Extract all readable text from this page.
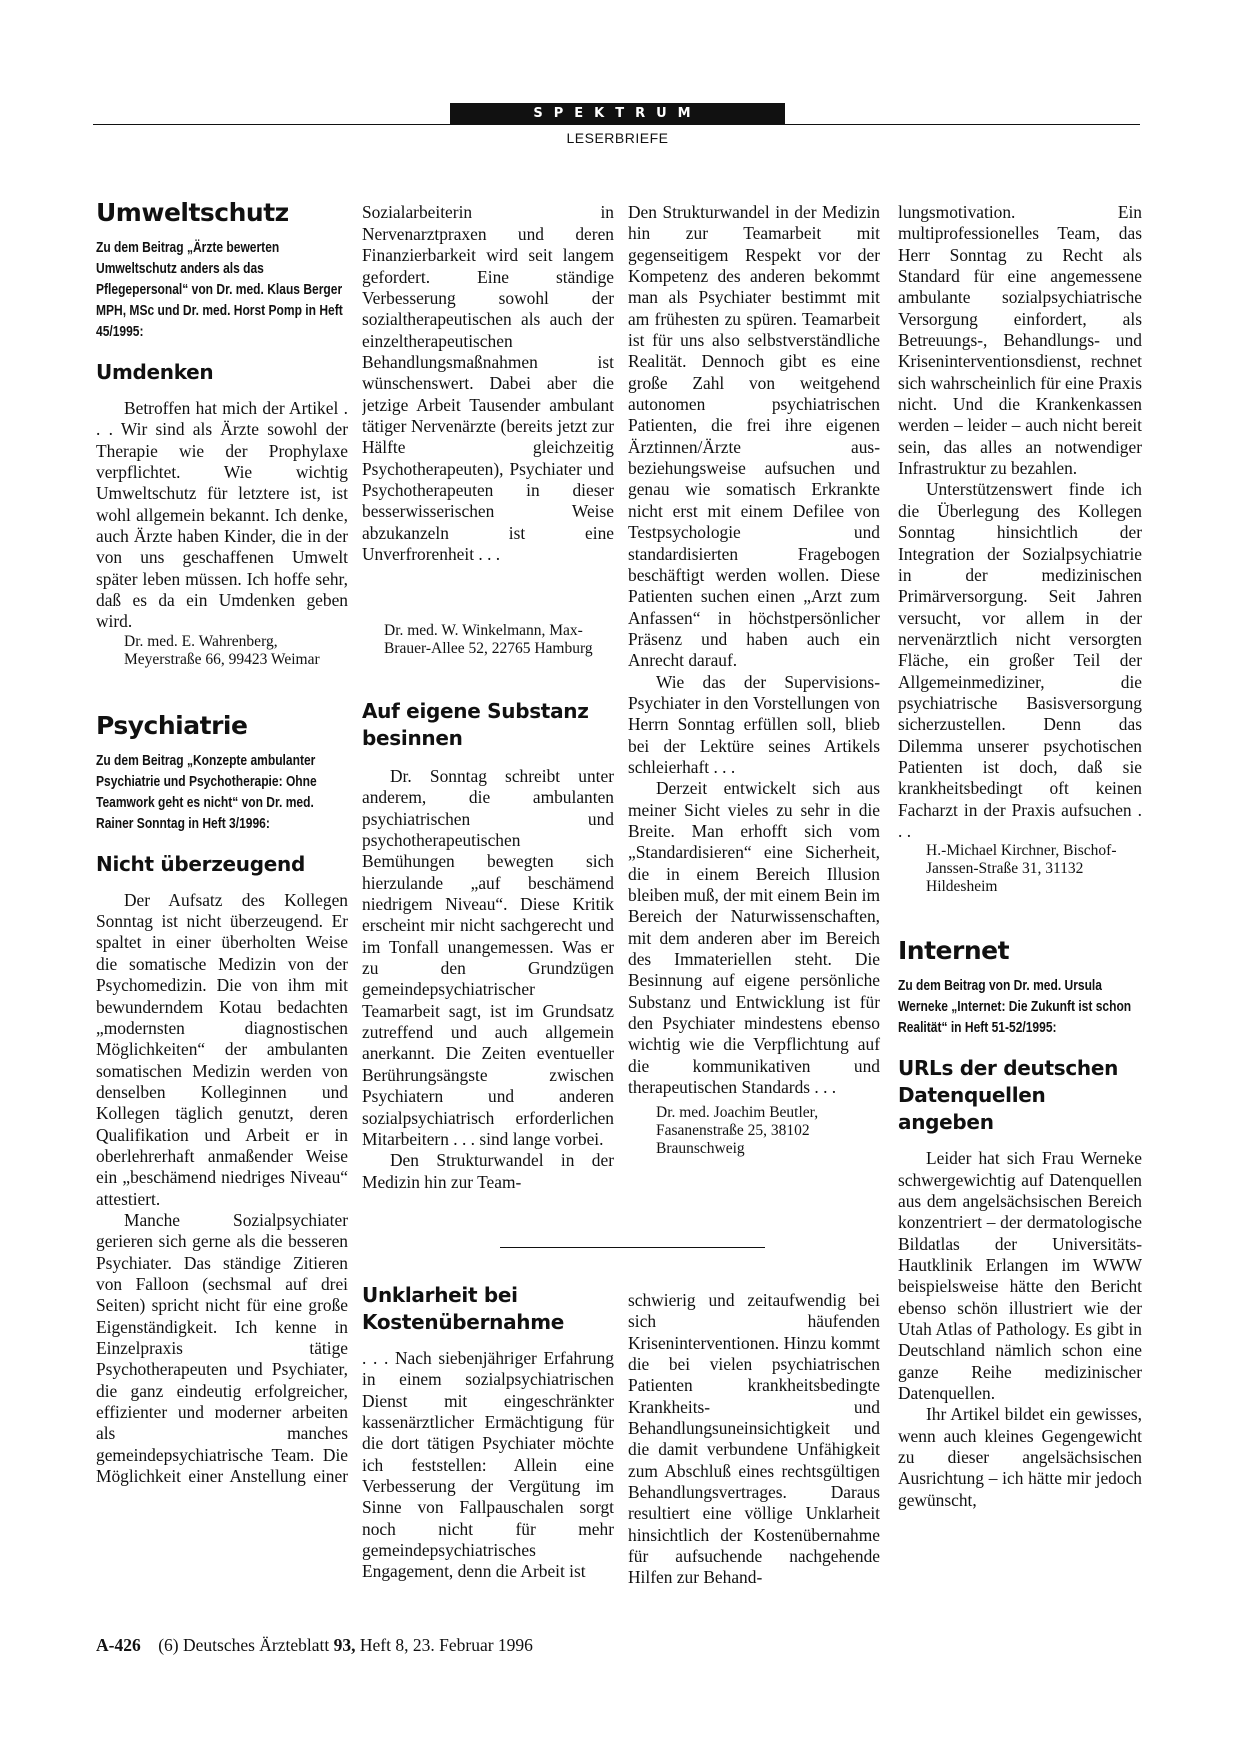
SPEKTRUM
LESERBRIEFE
Umweltschutz

Zu dem Beitrag „Ärzte bewerten Umweltschutz anders als das Pflegepersonal“ von Dr. med. Klaus Berger MPH, MSc und Dr. med. Horst Pomp in Heft 45/1995:

Umdenken

Betroffen hat mich der Artikel . . . Wir sind als Ärzte sowohl der Therapie wie der Prophylaxe verpflichtet. Wie wichtig Umweltschutz für letztere ist, ist wohl allgemein bekannt. Ich denke, auch Ärzte haben Kinder, die in der von uns geschaffenen Umwelt später leben müssen. Ich hoffe sehr, daß es da ein Umdenken geben wird.

Dr. med. E. Wahrenberg, Meyerstraße 66, 99423 Weimar

Psychiatrie

Zu dem Beitrag „Konzepte ambulanter Psychiatrie und Psychotherapie: Ohne Teamwork geht es nicht“ von Dr. med. Rainer Sonntag in Heft 3/1996:

Nicht überzeugend

Der Aufsatz des Kollegen Sonntag ist nicht überzeugend. Er spaltet in einer überholten Weise die somatische Medizin von der Psychomedizin. Die von ihm mit bewunderndem Kotau bedachten „modernsten diagnostischen Möglichkeiten“ der ambulanten somatischen Medizin werden von denselben Kolleginnen und Kollegen täglich genutzt, deren Qualifikation und Arbeit er in oberlehrerhaft anmaßender Weise ein „beschämend niedriges Niveau“ attestiert.

Manche Sozialpsychiater gerieren sich gerne als die besseren Psychiater. Das ständige Zitieren von Falloon (sechsmal auf drei Seiten) spricht nicht für eine große Eigenständigkeit. Ich kenne in Einzelpraxis tätige Psychotherapeuten und Psychiater, die ganz eindeutig erfolgreicher, effizienter und moderner arbeiten als manches gemeindepsychiatrische Team. Die Möglichkeit einer Anstellung einer

Sozialarbeiterin in Nervenarztpraxen und deren Finanzierbarkeit wird seit langem gefordert. Eine ständige Verbesserung sowohl der sozialtherapeutischen als auch der einzeltherapeutischen Behandlungsmaßnahmen ist wünschenswert. Dabei aber die jetzige Arbeit Tausender ambulant tätiger Nervenärzte (bereits jetzt zur Hälfte gleichzeitig Psychotherapeuten), Psychiater und Psychotherapeuten in dieser besserwisserischen Weise abzukanzeln ist eine Unverfrorenheit . . .

Den Strukturwandel in der Medizin hin zur Teamarbeit mit gegenseitigem Respekt vor der Kompetenz des anderen bekommt man als Psychiater bestimmt mit am frühesten zu spüren. Teamarbeit ist für uns also selbstverständliche Realität. Dennoch gibt es eine große Zahl von weitgehend autonomen psychiatrischen Patienten, die frei ihre eigenen Ärztinnen/Ärzte aus- beziehungsweise aufsuchen und genau wie somatisch Erkrankte nicht erst mit einem Defilee von Testpsychologie und standardisierten Fragebogen beschäftigt werden wollen. Diese Patienten suchen einen „Arzt zum Anfassen“ in höchstpersönlicher Präsenz und haben auch ein Anrecht darauf.

Wie das der Supervisions-Psychiater in den Vorstellungen von Herrn Sonntag erfüllen soll, blieb bei der Lektüre seines Artikels schleierhaft . . .

Derzeit entwickelt sich aus meiner Sicht vieles zu sehr in die Breite. Man erhofft sich vom „Standardisieren“ eine Sicherheit, die in einem Bereich Illusion bleiben muß, der mit einem Bein im Bereich der Naturwissenschaften, mit dem anderen aber im Bereich des Immateriellen steht. Die Besinnung auf eigene persönliche Substanz und Entwicklung ist für den Psychiater mindestens ebenso wichtig wie die Verpflichtung auf die kommunikativen und therapeutischen Standards . . .

Dr. med. Joachim Beutler, Fasanenstraße 25, 38102 Braunschweig

lungsmotivation. Ein multiprofessionelles Team, das Herr Sonntag zu Recht als Standard für eine angemessene ambulante sozialpsychiatrische Versorgung einfordert, als Betreuungs-, Behandlungs- und Kriseninterventionsdienst, rechnet sich wahrscheinlich für eine Praxis nicht. Und die Krankenkassen werden – leider – auch nicht bereit sein, das alles an notwendiger Infrastruktur zu bezahlen.

Unterstützenswert finde ich die Überlegung des Kollegen Sonntag hinsichtlich der Integration der Sozialpsychiatrie in der medizinischen Primärversorgung. Seit Jahren versucht, vor allem in der nervenärztlich nicht versorgten Fläche, ein großer Teil der Allgemeinmediziner, die psychiatrische Basisversorgung sicherzustellen. Denn das Dilemma unserer psychotischen Patienten ist doch, daß sie krankheitsbedingt oft keinen Facharzt in der Praxis aufsuchen . . .

H.-Michael Kirchner, Bischof-Janssen-Straße 31, 31132 Hildesheim

Internet

Zu dem Beitrag von Dr. med. Ursula Werneke „Internet: Die Zukunft ist schon Realität“ in Heft 51-52/1995:

URLs der deutschen Datenquellen angeben

Leider hat sich Frau Werneke schwergewichtig auf Datenquellen aus dem angelsächsischen Bereich konzentriert – der dermatologische Bildatlas der Universitäts-Hautklinik Erlangen im WWW beispielsweise hätte den Bericht ebenso schön illustriert wie der Utah Atlas of Pathology. Es gibt in Deutschland nämlich schon eine ganze Reihe medizinischer Datenquellen.

Ihr Artikel bildet ein gewisses, wenn auch kleines Gegengewicht zu dieser angelsächsischen Ausrichtung – ich hätte mir jedoch gewünscht,

Dr. med. W. Winkelmann, Max-Brauer-Allee 52, 22765 Hamburg

Auf eigene Substanz besinnen

Dr. Sonntag schreibt unter anderem, die ambulanten psychiatrischen und psychotherapeutischen Bemühungen bewegten sich hierzulande „auf beschämend niedrigem Niveau“. Diese Kritik erscheint mir nicht sachgerecht und im Tonfall unangemessen. Was er zu den Grundzügen gemeindepsychiatrischer Teamarbeit sagt, ist im Grundsatz zutreffend und auch allgemein anerkannt. Die Zeiten eventueller Berührungsängste zwischen Psychiatern und anderen sozialpsychiatrisch erforderlichen Mitarbeitern . . . sind lange vorbei.

Den Strukturwandel in der Medizin hin zur Team-

Unklarheit bei Kostenübernahme

. . . Nach siebenjähriger Erfahrung in einem sozialpsychiatrischen Dienst mit eingeschränkter kassenärztlicher Ermächtigung für die dort tätigen Psychiater möchte ich feststellen: Allein eine Verbesserung der Vergütung im Sinne von Fallpauschalen sorgt noch nicht für mehr gemeindepsychiatrisches Engagement, denn die Arbeit ist

schwierig und zeitaufwendig bei sich häufenden Kriseninterventionen. Hinzu kommt die bei vielen psychiatrischen Patienten krankheitsbedingte Krankheits- und Behandlungsuneinsichtigkeit und die damit verbundene Unfähigkeit zum Abschluß eines rechtsgültigen Behandlungsvertrages. Daraus resultiert eine völlige Unklarheit hinsichtlich der Kostenübernahme für aufsuchende nachgehende Hilfen zur Behand-

A-426 (6) Deutsches Ärzteblatt 93, Heft 8, 23. Februar 1996
